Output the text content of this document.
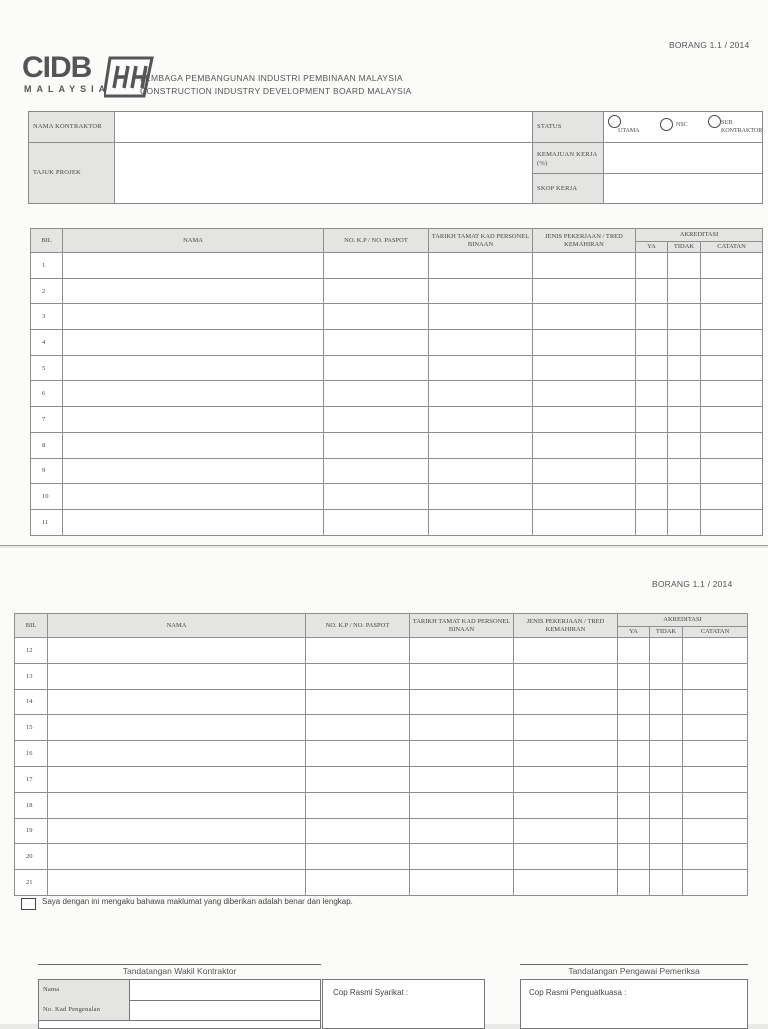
BORANG 1.1 / 2014
CIDB
MALAYSIA
LEMBAGA PEMBANGUNAN INDUSTRI PEMBINAAN MALAYSIA
CONSTRUCTION INDUSTRY DEVELOPMENT BOARD MALAYSIA
NAMA KONTRAKTOR
TAJUK PROJEK
STATUS
UTAMA
NSC	SUB KONTRAKTOR
KEMAJUAN KERJA (%)
SKOP KERJA
BIL	NAMA	NO. K.P / NO. PASPOT	TARIKH TAMAT KAD PERSONEL BINAAN	JENIS PEKERJAAN / TRED KEMAHIRAN	AKREDITASI		
					YA	TIDAK	CATATAN
1							
2							
3							
4							
5							
6							
7							
8							
9							
10							
11							
BORANG 1.1 / 2014
BIL	NAMA	NO. K.P / NO. PASPOT	TARIKH TAMAT KAD PERSONEL BINAAN	JENIS PEKERJAAN / TRED KEMAHIRAN	AKREDITASI		
					YA	TIDAK	CATATAN
12							
13							
14							
15							
16							
17							
18							
19							
20							
21							
Saya dengan ini mengaku bahawa maklumat yang diberikan adalah benar dan lengkap.
Tandatangan Wakil Kontraktor
Nama
No. Kad Pengenalan
Cop Rasmi Syarikat :
Tandatangan Pengawai Pemeriksa
Cop Rasmi Penguatkuasa :
